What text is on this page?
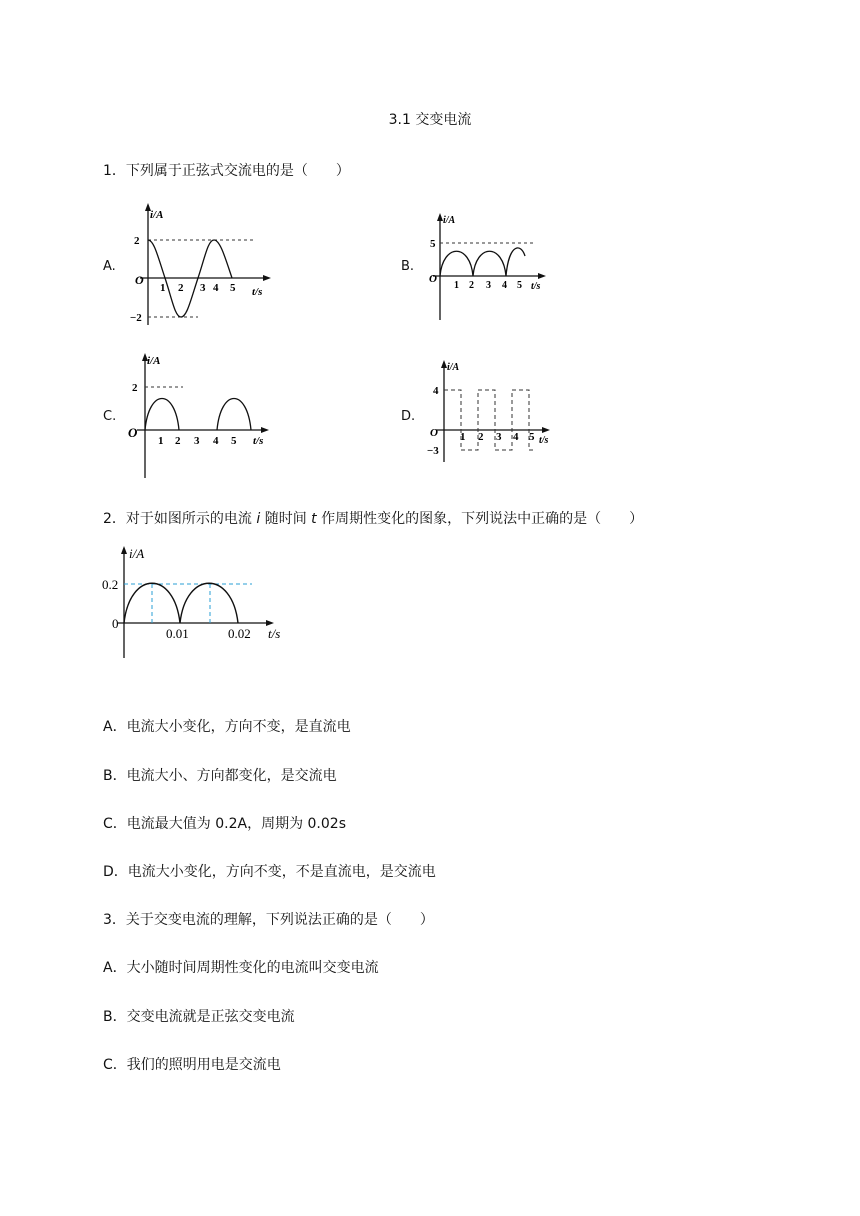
3.1 交变电流
1．下列属于正弦式交流电的是（　　）
A.
i/A
t/s
O
2
−2
1 2 3 4 5
B.
i/A
t/s
O
5
1 2 3 4 5
C.
i/A
t/s
O
2
1 2 3 4 5
D.
i/A
t/s
O
4
−3
1 2 3 4 5
2．对于如图所示的电流 i 随时间 t 作周期性变化的图象，下列说法中正确的是（　　）
i/A
t/s
0
0.2
0.01	0.02
A．电流大小变化，方向不变，是直流电
B．电流大小、方向都变化，是交流电
C．电流最大值为 0.2A，周期为 0.02s
D．电流大小变化，方向不变，不是直流电，是交流电
3．关于交变电流的理解，下列说法正确的是（　　）
A．大小随时间周期性变化的电流叫交变电流
B．交变电流就是正弦交变电流
C．我们的照明用电是交流电
